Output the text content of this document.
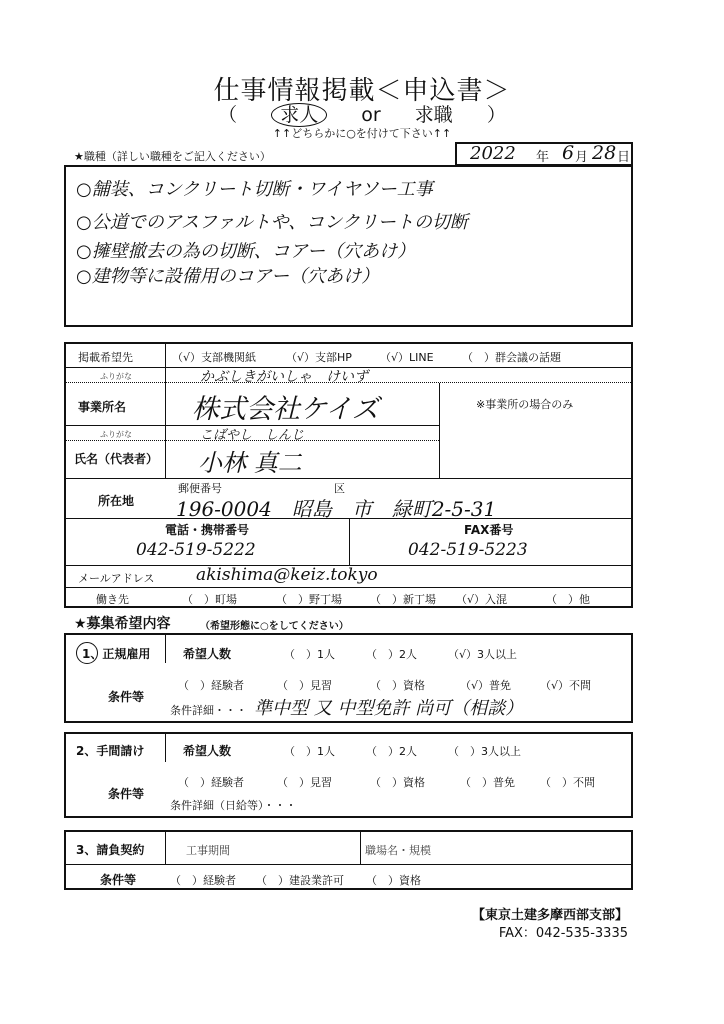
仕事情報掲載＜申込書＞
（ 求人 or 求職 ）
↑↑どちらかに○を付けて下さい↑↑
★職種（詳しい職種をご記入ください）	2022 年 6 月 28 日
○舗装、コンクリート切断・ワイヤソー工事
○公道でのアスファルトや、コンクリートの切断
○擁壁撤去の為の切断、コアー（穴あけ）
○建物等に設備用のコアー（穴あけ）
掲載希望先	（√）支部機関紙	（√）支部HP	（√）LINE	（　）群会議の話題
ふりがな	かぶしきがいしゃ　けいず
事業所名 株式会社ケイズ	※事業所の場合のみ
ふりがな	こばやし　しんじ
氏名（代表者） 小林 真二
郵便番号	区
所在地 196-0004　昭島　市　緑町2-5-31
電話・携帯番号
042-519-5222
FAX番号
042-519-5223
メールアドレス akishima@keiz.tokyo
働き先	（　）町場	（　）野丁場	（　）新丁場 （√）入混	（　）他
★募集希望内容	（希望形態に○をしてください）
1、正規雇用	希望人数	（　）1人	（　）2人	（√）3人以上
条件等
（　）経験者	（　）見習	（　）資格	（√）普免	（√）不問
条件詳細・・・ 準中型 又 中型免許 尚可（相談）
2、手間請け	希望人数	（　）1人	（　）2人	（　）3人以上
条件等
（　）経験者	（　）見習	（　）資格	（　）普免 （　）不問
条件詳細（日給等）・・・
3、請負契約	工事期間	職場名・規模
条件等	（　）経験者 （　）建設業許可 （　）資格
【東京土建多摩西部支部】
FAX：042-535-3335
